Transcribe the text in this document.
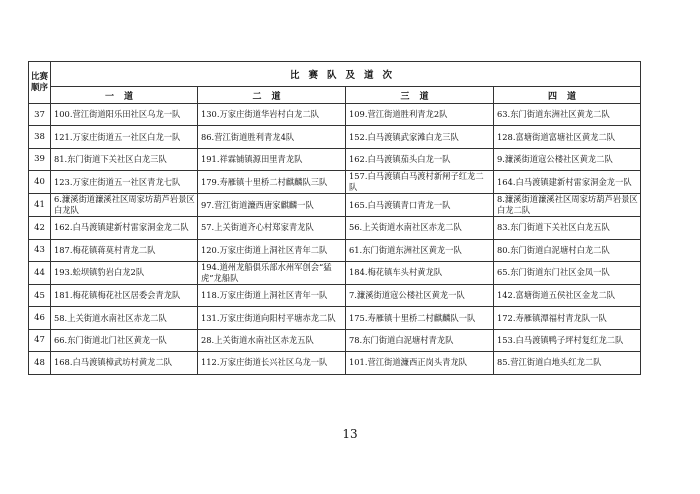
比赛
顺序	比赛队及道次			
	一道	二道	三道	四道
37	100.营江街道阳乐田社区乌龙一队	130.万家庄街道华岩村白龙二队	109.营江街道胜利青龙2队	63.东门街道东洲社区黄龙二队
38	121.万家庄街道五一社区白龙一队	86.营江街道胜利青龙4队	152.白马渡镇武家滩白龙三队	128.富塘街道富塘社区黄龙二队
39	81.东门街道下关社区白龙三队	191.祥霖铺镇源田里青龙队	162.白马渡镇茄头白龙一队	9.濂溪街道寇公楼社区黄龙二队
40	123.万家庄街道五一社区青龙七队	179.寿雁镇十里桥二村麒麟队三队	157.白马渡镇白马渡村新闸子红龙二队	164.白马渡镇建新村雷家洞金龙一队
41	6.濂溪街道濂溪社区周家坊葫芦岩景区白龙队	97.营江街道濂西唐家麒麟一队	165.白马渡镇青口青龙一队	8.濂溪街道濂溪社区周家坊葫芦岩景区白龙二队
42	162.白马渡镇建新村雷家洞金龙二队	57.上关街道齐心村郑家青龙队	56.上关街道水南社区赤龙二队	83.东门街道下关社区白龙五队
43	187.梅花镇蒋莫村青龙二队	120.万家庄街道上洞社区青年二队	61.东门街道东洲社区黄龙一队	80.东门街道白泥塘村白龙二队
44	193.蚣坝镇豹岩白龙2队	194.道州龙船俱乐部水州军创会“猛虎”龙船队	184.梅花镇车头村黄龙队	65.东门街道东门社区金凤一队
45	181.梅花镇梅花社区居委会青龙队	118.万家庄街道上洞社区青年一队	7.濂溪街道寇公楼社区黄龙一队	142.富塘街道五侯社区金龙二队
46	58.上关街道水南社区赤龙二队	131.万家庄街道向阳村平塘赤龙二队	175.寿雁镇十里桥二村麒麟队一队	172.寿雁镇潭福村青龙队一队
47	66.东门街道北门社区黄龙一队	28.上关街道水南社区赤龙五队	78.东门街道白泥塘村青龙队	153.白马渡镇鸭子坪村复红龙二队
48	168.白马渡镇樟武坊村黄龙二队	112.万家庄街道长兴社区乌龙一队	101.营江街道濂西正岗头青龙队	85.营江街道白地头红龙二队
13
